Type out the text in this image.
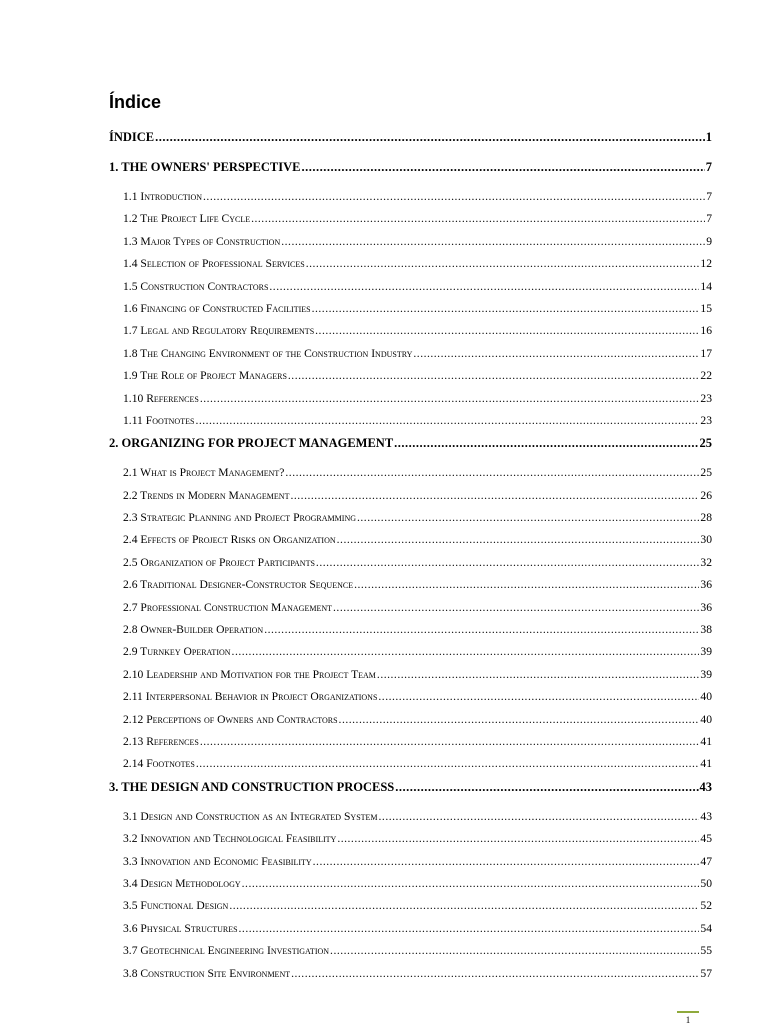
Índice
ÍNDICE .....	1
1. THE OWNERS' PERSPECTIVE .....	7
1.1 Introduction .....	7
1.2 The Project Life Cycle .....	7
1.3 Major Types of Construction .....	9
1.4 Selection of Professional Services .....	12
1.5 Construction Contractors .....	14
1.6 Financing of Constructed Facilities .....	15
1.7 Legal and Regulatory Requirements .....	16
1.8 The Changing Environment of the Construction Industry .....	17
1.9 The Role of Project Managers .....	22
1.10 References .....	23
1.11 Footnotes .....	23
2. ORGANIZING FOR PROJECT MANAGEMENT .....	25
2.1 What is Project Management? .....	25
2.2 Trends in Modern Management .....	26
2.3 Strategic Planning and Project Programming .....	28
2.4 Effects of Project Risks on Organization .....	30
2.5 Organization of Project Participants .....	32
2.6 Traditional Designer-Constructor Sequence .....	36
2.7 Professional Construction Management .....	36
2.8 Owner-Builder Operation .....	38
2.9 Turnkey Operation .....	39
2.10 Leadership and Motivation for the Project Team .....	39
2.11 Interpersonal Behavior in Project Organizations .....	40
2.12 Perceptions of Owners and Contractors .....	40
2.13 References .....	41
2.14 Footnotes .....	41
3. THE DESIGN AND CONSTRUCTION PROCESS .....	43
3.1 Design and Construction as an Integrated System .....	43
3.2 Innovation and Technological Feasibility .....	45
3.3 Innovation and Economic Feasibility .....	47
3.4 Design Methodology .....	50
3.5 Functional Design .....	52
3.6 Physical Structures .....	54
3.7 Geotechnical Engineering Investigation .....	55
3.8 Construction Site Environment .....	57
1
